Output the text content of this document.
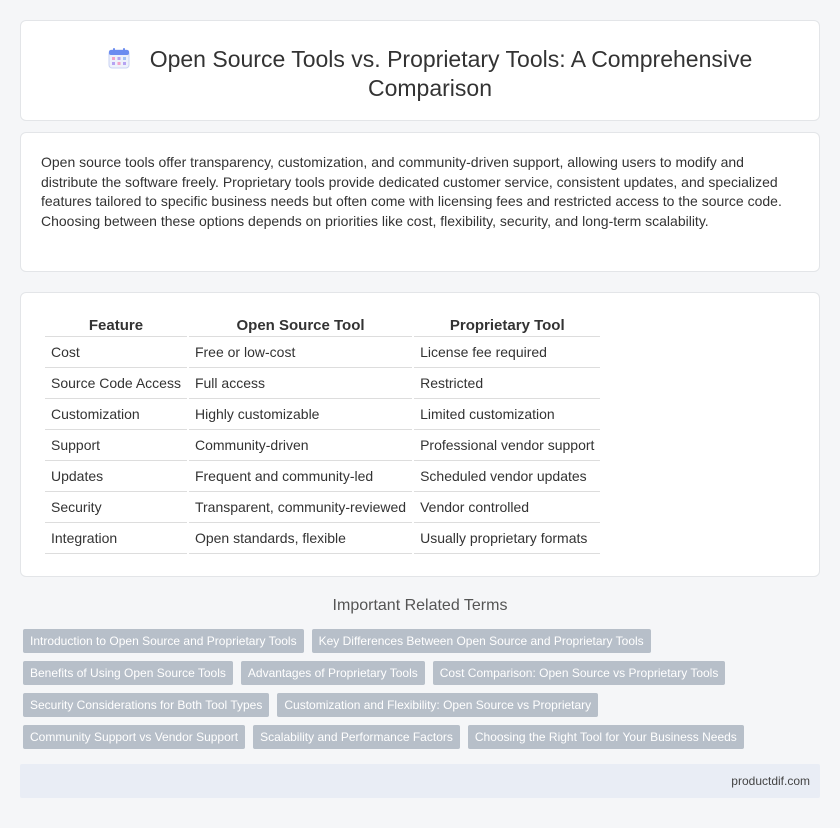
Open Source Tools vs. Proprietary Tools: A Comprehensive Comparison

Open source tools offer transparency, customization, and community-driven support, allowing users to modify and distribute the software freely. Proprietary tools provide dedicated customer service, consistent updates, and specialized features tailored to specific business needs but often come with licensing fees and restricted access to the source code. Choosing between these options depends on priorities like cost, flexibility, security, and long-term scalability.

Feature	Open Source Tool	Proprietary Tool
Cost	Free or low-cost	License fee required
Source Code Access	Full access	Restricted
Customization	Highly customizable	Limited customization
Support	Community-driven	Professional vendor support
Updates	Frequent and community-led	Scheduled vendor updates
Security	Transparent, community-reviewed	Vendor controlled
Integration	Open standards, flexible	Usually proprietary formats
Important Related Terms
Introduction to Open Source and Proprietary Tools	Key Differences Between Open Source and Proprietary Tools
Benefits of Using Open Source Tools	Advantages of Proprietary Tools	Cost Comparison: Open Source vs Proprietary Tools
Security Considerations for Both Tool Types	Customization and Flexibility: Open Source vs Proprietary
Community Support vs Vendor Support	Scalability and Performance Factors	Choosing the Right Tool for Your Business Needs
productdif.com
